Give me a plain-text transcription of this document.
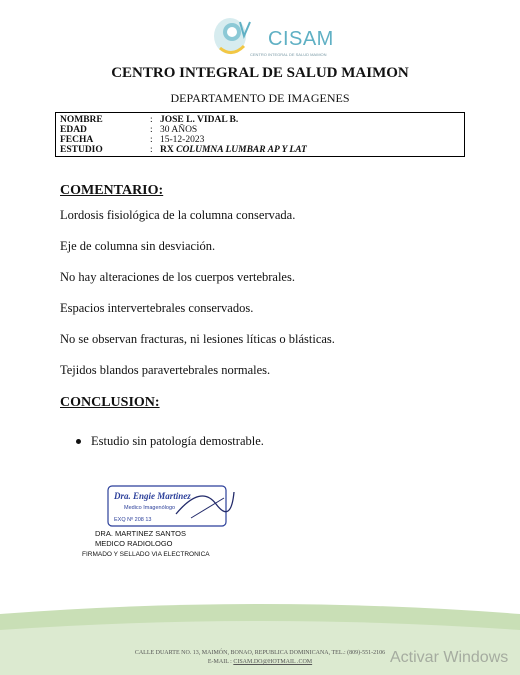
CISAM
CENTRO INTEGRAL DE SALUD MAIMON
CENTRO INTEGRAL DE SALUD MAIMON
DEPARTAMENTO DE IMAGENES
NOMBRE	: JOSE L. VIDAL B.
EDAD	: 30 AÑOS
FECHA	: 15-12-2023
ESTUDIO	: RX COLUMNA LUMBAR AP Y LAT
COMENTARIO:
Lordosis fisiológica de la columna conservada.
Eje de columna sin desviación.
No hay alteraciones de los cuerpos vertebrales.
Espacios intervertebrales conservados.
No se observan fracturas, ni lesiones líticas o blásticas.
Tejidos blandos paravertebrales normales.
CONCLUSION:
Estudio sin patología demostrable.
Dra. Engie Martinez
Medico Imagenólogo
EXQ Nº 208 13
DRA. MARTINEZ SANTOS
MEDICO RADIOLOGO
FIRMADO Y SELLADO VIA ELECTRONICA
CALLE DUARTE NO. 13, MAIMÓN, BONAO, REPUBLICA DOMINICANA, TEL.: (809)-551-2106
E-MAIL : CISAM.DO@HOTMAIL .COM	Activar Windows
